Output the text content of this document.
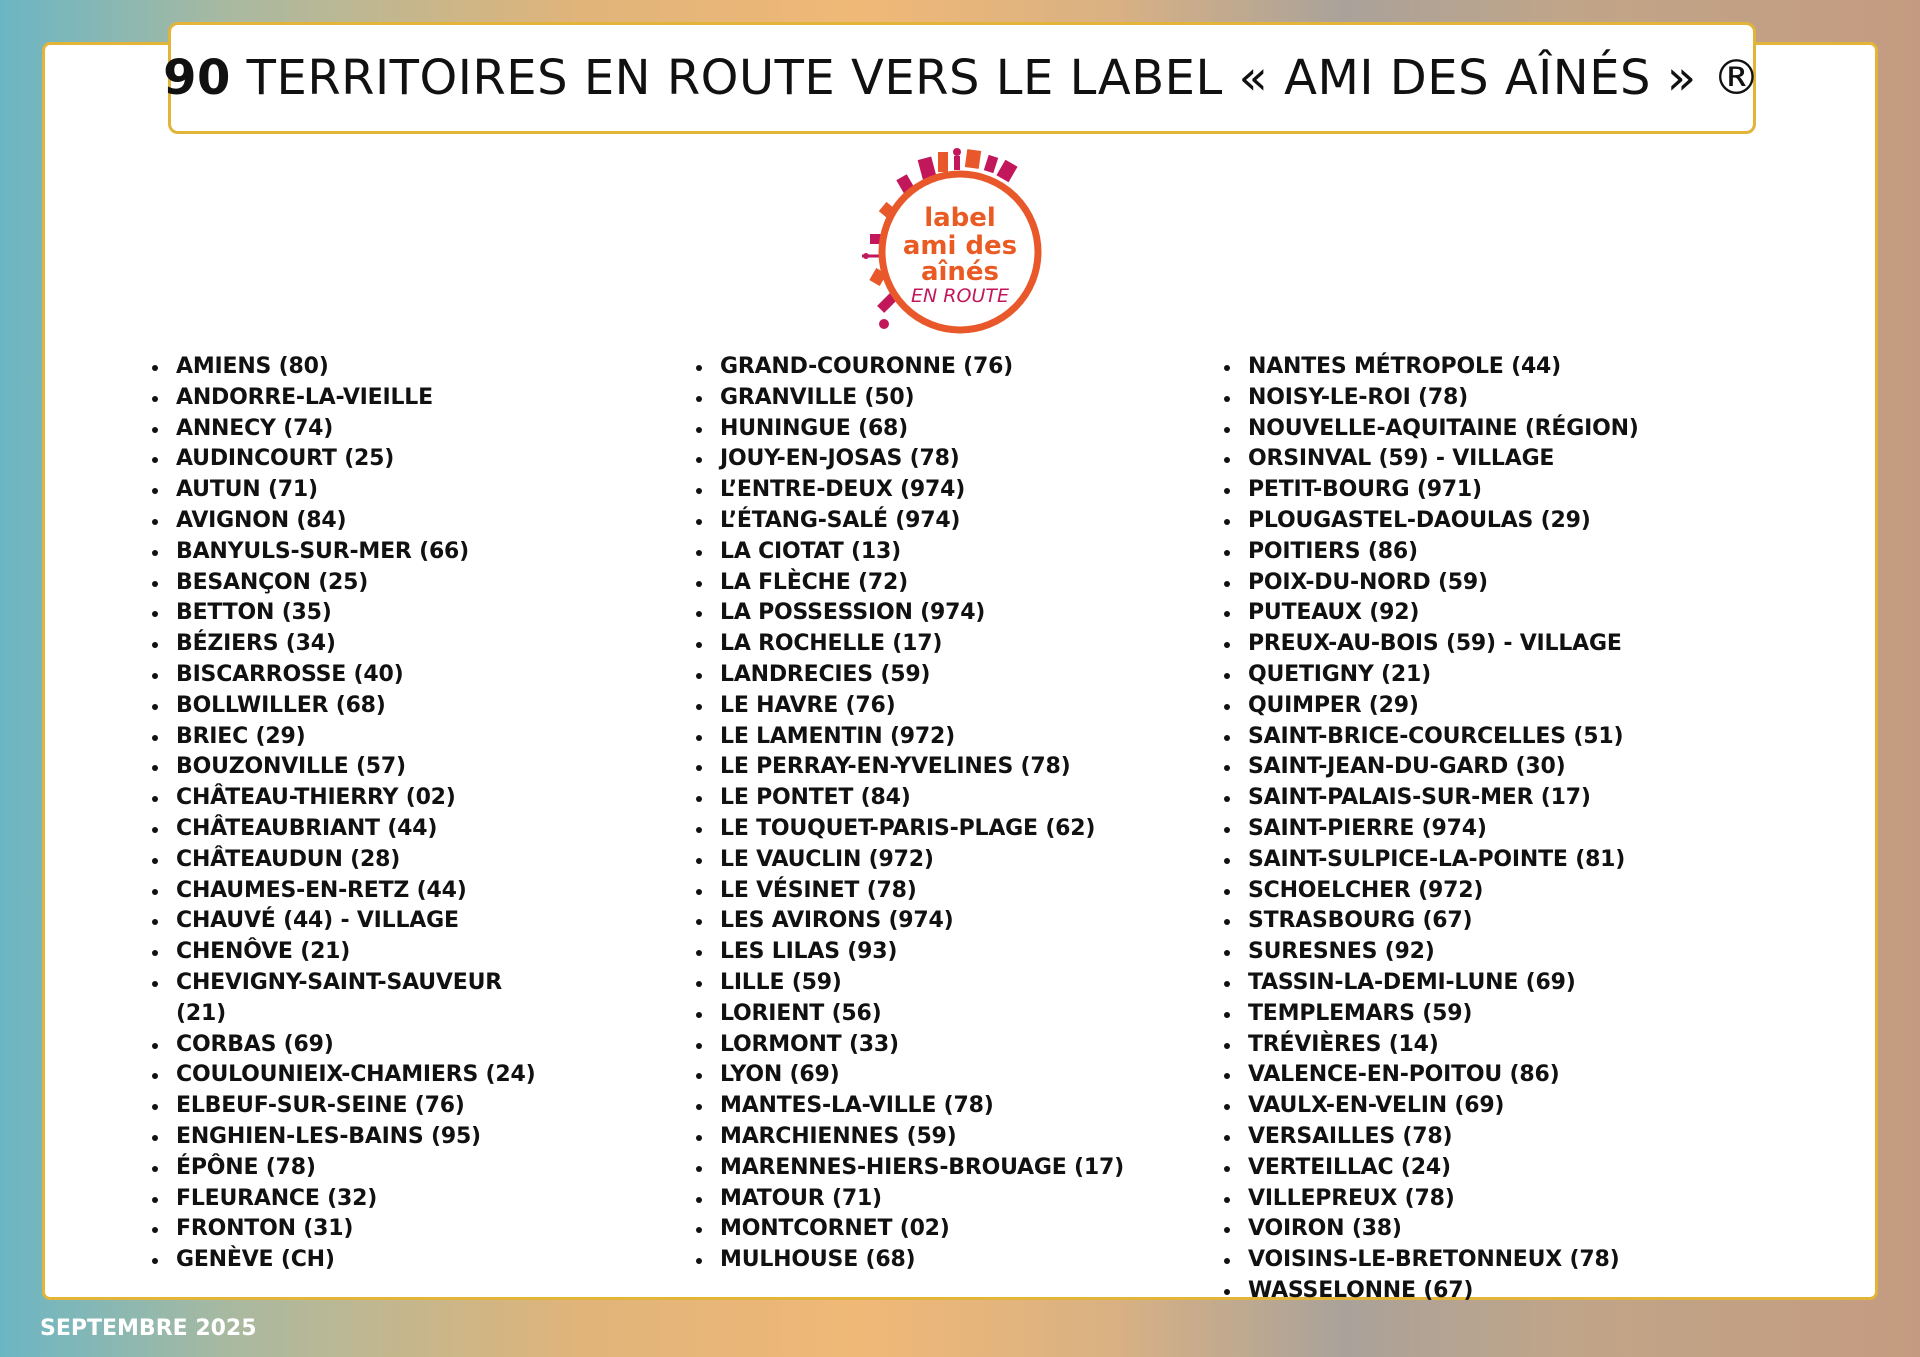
90 TERRITOIRES EN ROUTE VERS LE LABEL « AMI DES AÎNÉS » ®
label
ami des
aînés
EN ROUTE
AMIENS (80)
ANDORRE-LA-VIEILLE
ANNECY (74)
AUDINCOURT (25)
AUTUN (71)
AVIGNON (84)
BANYULS-SUR-MER (66)
BESANÇON (25)
BETTON (35)
BÉZIERS (34)
BISCARROSSE (40)
BOLLWILLER (68)
BRIEC (29)
BOUZONVILLE (57)
CHÂTEAU-THIERRY (02)
CHÂTEAUBRIANT (44)
CHÂTEAUDUN (28)
CHAUMES-EN-RETZ (44)
CHAUVÉ (44) - VILLAGE
CHENÔVE (21)
CHEVIGNY-SAINT-SAUVEUR (21)
CORBAS (69)
COULOUNIEIX-CHAMIERS (24)
ELBEUF-SUR-SEINE (76)
ENGHIEN-LES-BAINS (95)
ÉPÔNE (78)
FLEURANCE (32)
FRONTON (31)
GENÈVE (CH)
GRAND-COURONNE (76)
GRANVILLE (50)
HUNINGUE (68)
JOUY-EN-JOSAS (78)
L’ENTRE-DEUX (974)
L’ÉTANG-SALÉ (974)
LA CIOTAT (13)
LA FLÈCHE (72)
LA POSSESSION (974)
LA ROCHELLE (17)
LANDRECIES (59)
LE HAVRE (76)
LE LAMENTIN (972)
LE PERRAY-EN-YVELINES (78)
LE PONTET (84)
LE TOUQUET-PARIS-PLAGE (62)
LE VAUCLIN (972)
LE VÉSINET (78)
LES AVIRONS (974)
LES LILAS (93)
LILLE (59)
LORIENT (56)
LORMONT (33)
LYON (69)
MANTES-LA-VILLE (78)
MARCHIENNES (59)
MARENNES-HIERS-BROUAGE (17)
MATOUR (71)
MONTCORNET (02)
MULHOUSE (68)
NANTES MÉTROPOLE (44)
NOISY-LE-ROI (78)
NOUVELLE-AQUITAINE (RÉGION)
ORSINVAL (59) - VILLAGE
PETIT-BOURG (971)
PLOUGASTEL-DAOULAS (29)
POITIERS (86)
POIX-DU-NORD (59)
PUTEAUX (92)
PREUX-AU-BOIS (59) - VILLAGE
QUETIGNY (21)
QUIMPER (29)
SAINT-BRICE-COURCELLES (51)
SAINT-JEAN-DU-GARD (30)
SAINT-PALAIS-SUR-MER (17)
SAINT-PIERRE (974)
SAINT-SULPICE-LA-POINTE (81)
SCHOELCHER (972)
STRASBOURG (67)
SURESNES (92)
TASSIN-LA-DEMI-LUNE (69)
TEMPLEMARS (59)
TRÉVIÈRES (14)
VALENCE-EN-POITOU (86)
VAULX-EN-VELIN (69)
VERSAILLES (78)
VERTEILLAC (24)
VILLEPREUX (78)
VOIRON (38)
VOISINS-LE-BRETONNEUX (78)
WASSELONNE (67)
SEPTEMBRE 2025
